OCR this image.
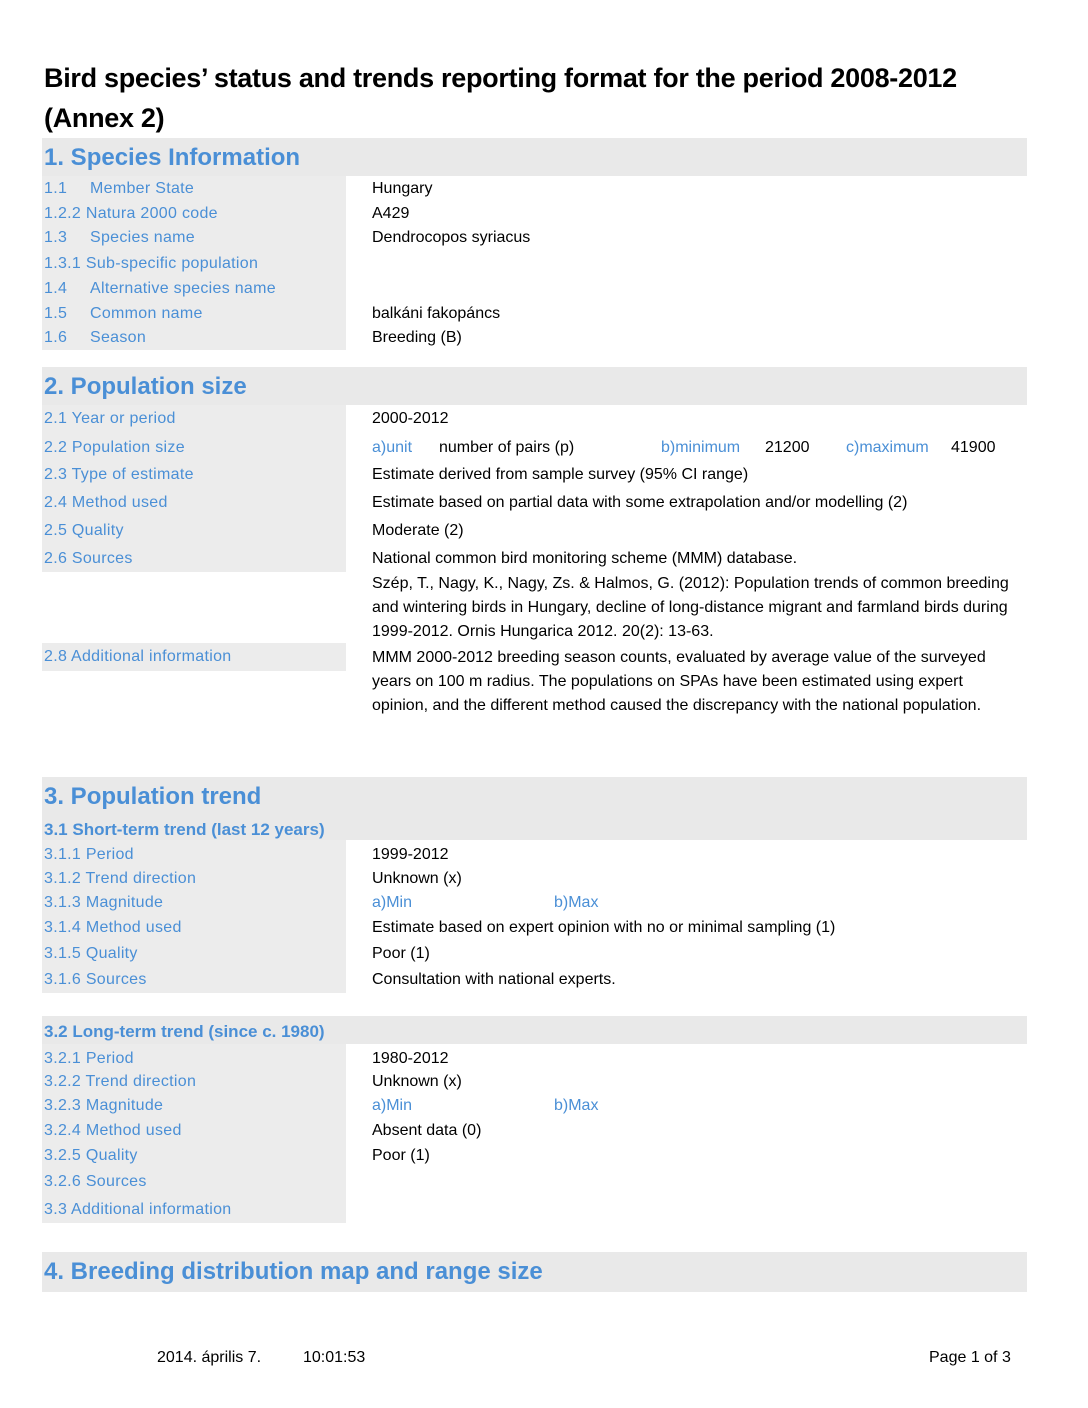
Bird species’ status and trends reporting format for the period 2008-2012 (Annex 2)
1. Species Information
1.1 Member State	Hungary
1.2.2 Natura 2000 code	A429
1.3 Species name	Dendrocopos syriacus
1.3.1 Sub-specific population
1.4 Alternative species name
1.5 Common name	balkáni fakopáncs
1.6 Season	Breeding (B)
2. Population size
2.1 Year or period	2000-2012
2.2 Population size	a)unit number of pairs (p)	b)minimum 21200 c)maximum 41900
2.3 Type of estimate	Estimate derived from sample survey (95% CI range)
2.4 Method used	Estimate based on partial data with some extrapolation and/or modelling (2)
2.5 Quality	Moderate (2)
2.6 Sources	National common bird monitoring scheme (MMM) database.
Szép, T., Nagy, K., Nagy, Zs. & Halmos, G. (2012): Population trends of common breeding and wintering birds in Hungary, decline of long-distance migrant and farmland birds during 1999-2012. Ornis Hungarica 2012. 20(2): 13-63.
2.8 Additional information	MMM 2000-2012 breeding season counts, evaluated by average value of the surveyed years on 100 m radius. The populations on SPAs have been estimated using expert opinion, and the different method caused the discrepancy with the national population.
3. Population trend
3.1 Short-term trend (last 12 years)
3.1.1 Period	1999-2012
3.1.2 Trend direction	Unknown (x)
3.1.3 Magnitude	a)Min	b)Max
3.1.4 Method used	Estimate based on expert opinion with no or minimal sampling (1)
3.1.5 Quality	Poor (1)
3.1.6 Sources	Consultation with national experts.
3.2 Long-term trend (since c. 1980)
3.2.1 Period	1980-2012
3.2.2 Trend direction	Unknown (x)
3.2.3 Magnitude	a)Min	b)Max
3.2.4 Method used	Absent data (0)
3.2.5 Quality	Poor (1)
3.2.6 Sources
3.3 Additional information
4. Breeding distribution map and range size
2014. április 7.	10:01:53	Page 1 of 3
